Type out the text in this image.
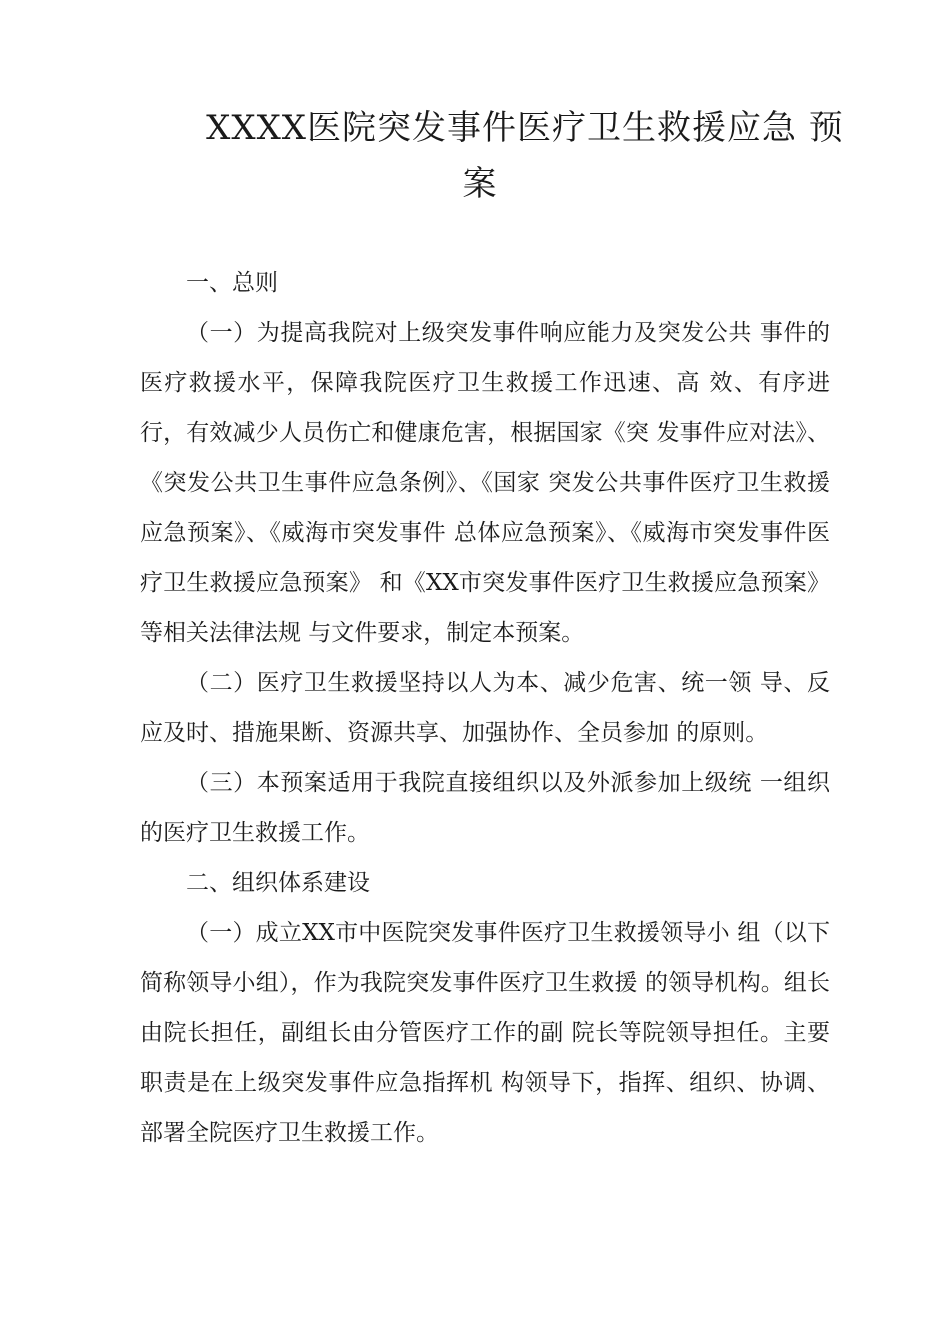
XXXX医院突发事件医疗卫生救援应急 预
案

一、总则

（一）为提高我院对上级突发事件响应能力及突发公共 事件的医疗救援水平，保障我院医疗卫生救援工作迅速、高 效、有序进行，有效减少人员伤亡和健康危害，根据国家《突 发事件应对法》、《突发公共卫生事件应急条例》、《国家 突发公共事件医疗卫生救援应急预案》、《威海市突发事件 总体应急预案》、《威海市突发事件医疗卫生救援应急预案》 和《XX市突发事件医疗卫生救援应急预案》等相关法律法规 与文件要求，制定本预案。

（二）医疗卫生救援坚持以人为本、减少危害、统一领 导、反应及时、措施果断、资源共享、加强协作、全员参加 的原则。

（三）本预案适用于我院直接组织以及外派参加上级统 一组织的医疗卫生救援工作。

二、组织体系建设

（一）成立XX市中医院突发事件医疗卫生救援领导小 组（以下简称领导小组），作为我院突发事件医疗卫生救援 的领导机构。组长由院长担任，副组长由分管医疗工作的副 院长等院领导担任。主要职责是在上级突发事件应急指挥机 构领导下，指挥、组织、协调、部署全院医疗卫生救援工作。
